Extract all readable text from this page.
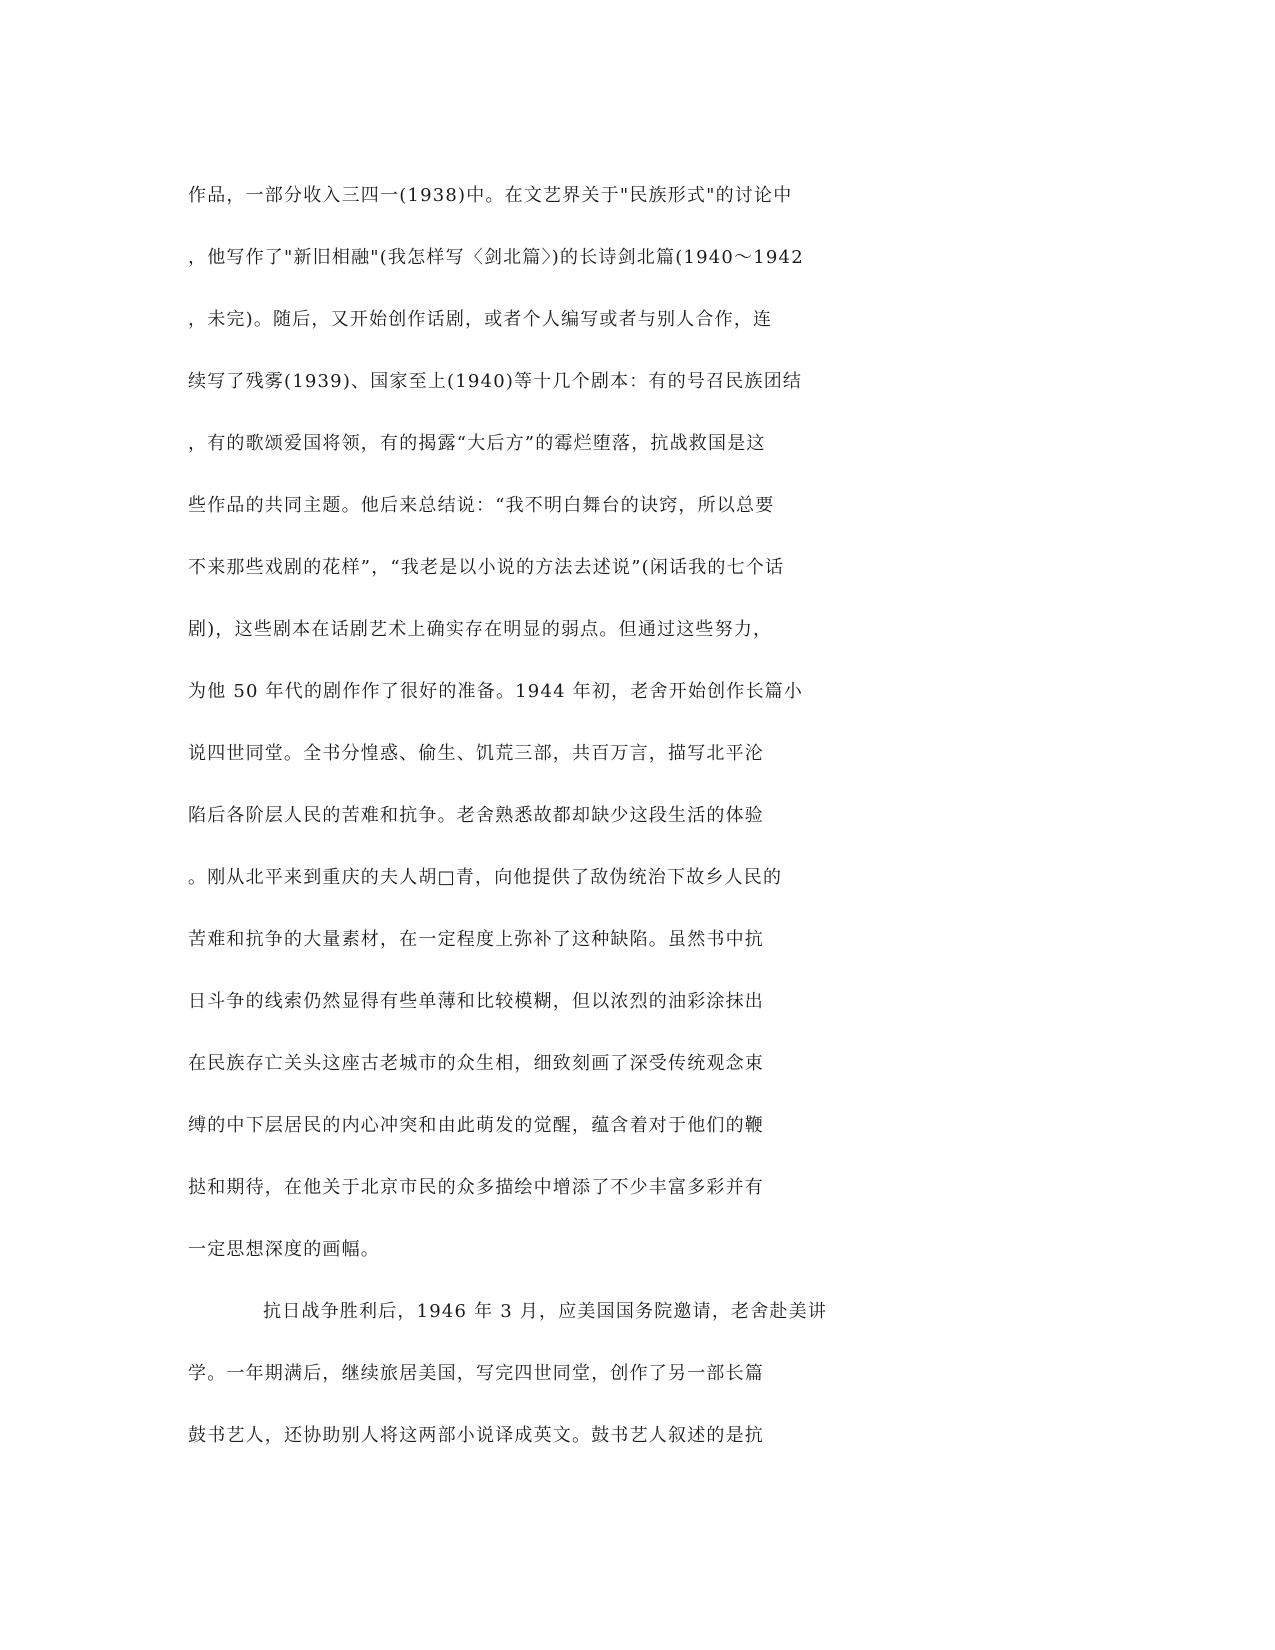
作品，一部分收入三四一(1938)中。在文艺界关于"民族形式"的讨论中
，他写作了"新旧相融"(我怎样写〈剑北篇〉)的长诗剑北篇(1940～1942
，未完)。随后，又开始创作话剧，或者个人编写或者与别人合作，连
续写了残雾(1939)、国家至上(1940)等十几个剧本：有的号召民族团结
，有的歌颂爱国将领，有的揭露“大后方”的霉烂堕落，抗战救国是这
些作品的共同主题。他后来总结说：“我不明白舞台的诀窍，所以总要
不来那些戏剧的花样”，“我老是以小说的方法去述说”(闲话我的七个话
剧)，这些剧本在话剧艺术上确实存在明显的弱点。但通过这些努力，
为他 50 年代的剧作作了很好的准备。1944 年初，老舍开始创作长篇小
说四世同堂。全书分惶惑、偷生、饥荒三部，共百万言，描写北平沦
陷后各阶层人民的苦难和抗争。老舍熟悉故都却缺少这段生活的体验
。刚从北平来到重庆的夫人胡□青，向他提供了敌伪统治下故乡人民的
苦难和抗争的大量素材，在一定程度上弥补了这种缺陷。虽然书中抗
日斗争的线索仍然显得有些单薄和比较模糊，但以浓烈的油彩涂抹出
在民族存亡关头这座古老城市的众生相，细致刻画了深受传统观念束
缚的中下层居民的内心冲突和由此萌发的觉醒，蕴含着对于他们的鞭
挞和期待，在他关于北京市民的众多描绘中增添了不少丰富多彩并有
一定思想深度的画幅。
抗日战争胜利后，1946 年 3 月，应美国国务院邀请，老舍赴美讲
学。一年期满后，继续旅居美国，写完四世同堂，创作了另一部长篇
鼓书艺人，还协助别人将这两部小说译成英文。鼓书艺人叙述的是抗
